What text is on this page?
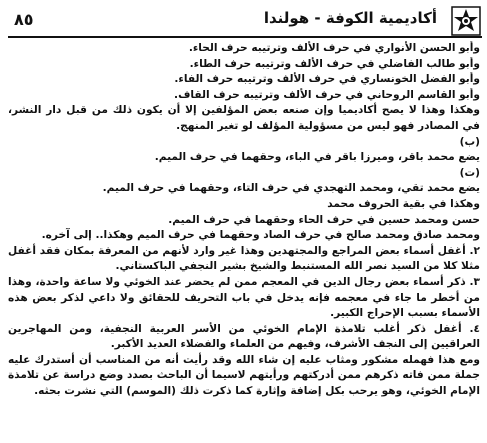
٨٥	أكاديمية الكوفة - هولندا
وأبو الحسن الأنواري في حرف الألف وترتيبه حرف الحاء.
وأبو طالب الفاضلي في حرف الألف وترتيبه حرف الطاء.
وأبو الفضل الخونساري في حرف الألف وترتيبه حرف الفاء.
وأبو القاسم الروحاني في حرف الألف وترتيبه حرف القاف.
وهكذا وهذا لا يصح أكاديميا وإن صنعه بعض المؤلفين إلا أن يكون ذلك من قبل دار النشر، في المصادر فهو ليس من مسؤولية المؤلف لو تغير المنهج.
(ب)
يضع محمد باقر، وميرزا باقر في الباء، وحقهما في حرف الميم.
(ت)
يضع محمد تقي، ومحمد التهجدي في حرف التاء، وحقهما في حرف الميم.
وهكذا في بقية الحروف محمد
حسن ومحمد حسين في حرف الحاء وحقهما في حرف الميم.
ومحمد صادق ومحمد صالح في حرف الصاد وحقهما في حرف الميم وهكذا.. إلى آخره.
٢. أغفل أسماء بعض المراجع والمجتهدين وهذا غير وارد لأنهم من المعرفة بمكان فقد أغفل مثلا كلا من السيد نصر الله المستنبط والشيخ بشير النجفي الباكستاني.
٣. ذكر أسماء بعض رجال الدين في المعجم ممن لم يحضر عند الخوئي ولا ساعة واحدة، وهذا من أخطر ما جاء في معجمه فإنه يدخل في باب التحريف للحقائق ولا داعي لذكر بعض هذه الأسماء بسبب الإحراج الكبير.
٤. أغفل ذكر أغلب تلامذة الإمام الخوئي من الأسر العربية النجفية، ومن المهاجرين العراقيين إلى النجف الأشرف، وفيهم من العلماء والفضلاء العديد الأكبر.
ومع هذا فهمله مشكور ومثاب عليه إن شاء الله وقد رأيت أنه من المناسب أن أستدرك عليه جملة ممن فاته ذكرهم ممن أدركتهم ورأيتهم لاسيما أن الباحث بصدد وضع دراسة عن تلامذة الإمام الخوئي، وهو يرحب بكل إضافة وإثارة كما ذكرت ذلك (الموسم) التي نشرت بحثه.
